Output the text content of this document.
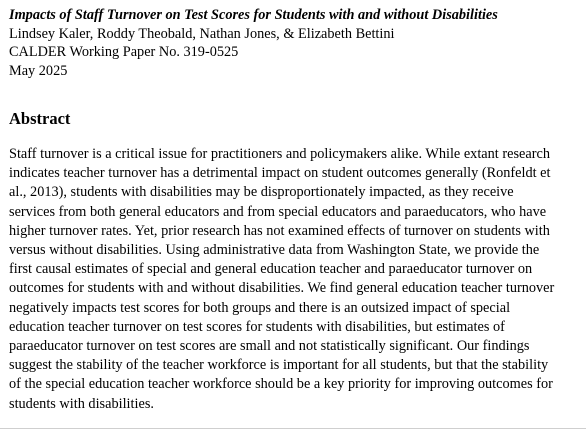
Impacts of Staff Turnover on Test Scores for Students with and without Disabilities
Lindsey Kaler, Roddy Theobald, Nathan Jones, & Elizabeth Bettini
CALDER Working Paper No. 319-0525
May 2025
Abstract
Staff turnover is a critical issue for practitioners and policymakers alike. While extant research
indicates teacher turnover has a detrimental impact on student outcomes generally (Ronfeldt et
al., 2013), students with disabilities may be disproportionately impacted, as they receive
services from both general educators and from special educators and paraeducators, who have
higher turnover rates. Yet, prior research has not examined effects of turnover on students with
versus without disabilities. Using administrative data from Washington State, we provide the
first causal estimates of special and general education teacher and paraeducator turnover on
outcomes for students with and without disabilities. We find general education teacher turnover
negatively impacts test scores for both groups and there is an outsized impact of special
education teacher turnover on test scores for students with disabilities, but estimates of
paraeducator turnover on test scores are small and not statistically significant. Our findings
suggest the stability of the teacher workforce is important for all students, but that the stability
of the special education teacher workforce should be a key priority for improving outcomes for
students with disabilities.
